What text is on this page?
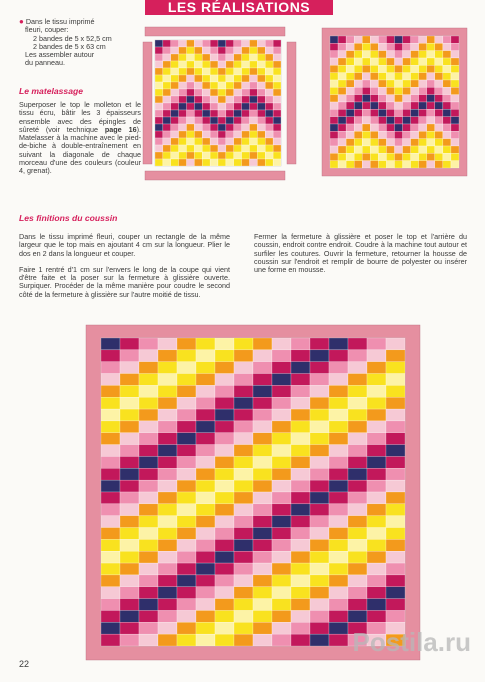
LES RÉALISATIONS
● Dans le tissu imprimé
fleuri, couper:
2 bandes de 5 x 52,5 cm
2 bandes de 5 x 63 cm
Les assembler autour
du panneau.
Le matelassage
Superposer le top le molleton et le tissu écru, bâtir les 3 épaisseurs ensemble avec des épingles de sûreté (voir technique page 16). Matelasser à la machine avec le pied-de-biche à double-entraînement en suivant la diagonale de chaque morceau d'une des couleurs (couleur 4, grenat).
Les finitions du coussin

Dans le tissu imprimé fleuri, couper un rectangle de la même largeur que le top mais en ajoutant 4 cm sur la longueur. Plier le dos en 2 dans la longueur et couper.

Faire 1 rentré d'1 cm sur l'envers le long de la coupe qui vient d'être faite et la poser sur la fermeture à glissière ouverte. Surpiquer. Procéder de la même manière pour coudre le second côté de la fermeture à glissière sur l'autre moitié de tissu.

Fermer la fermeture à glissière et poser le top et l'arrière du coussin, endroit contre endroit. Coudre à la machine tout autour et surfiler les coutures. Ouvrir la fermeture, retourner la housse de coussin sur l'endroit et remplir de bourre de polyester ou insérer une forme en mousse.

22
Postila.ru
